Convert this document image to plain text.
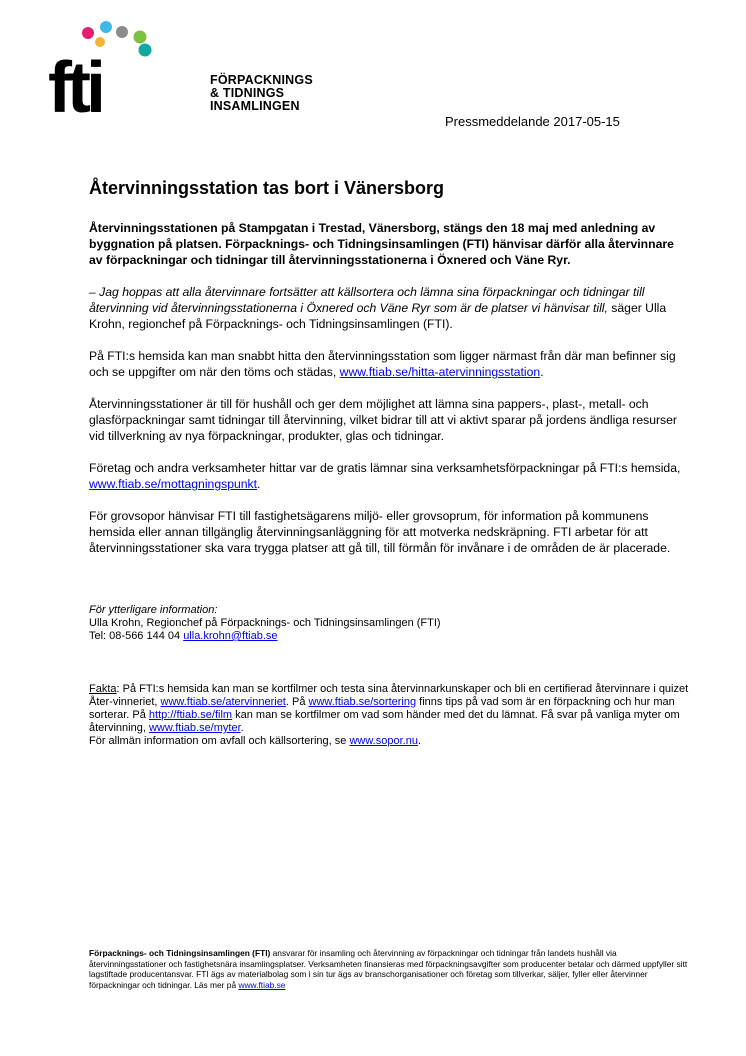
fti	FÖRPACKNINGS
& TIDNINGS
INSAMLINGEN
Pressmeddelande 2017-05-15
Återvinningsstation tas bort i Vänersborg

Återvinningsstationen på Stampgatan i Trestad, Vänersborg, stängs den 18 maj med anledning av byggnation på platsen. Förpacknings- och Tidningsinsamlingen (FTI) hänvisar därför alla återvinnare av förpackningar och tidningar till återvinningsstationerna i Öxnered och Väne Ryr.

– Jag hoppas att alla återvinnare fortsätter att källsortera och lämna sina förpackningar och tidningar till återvinning vid återvinningsstationerna i Öxnered och Väne Ryr som är de platser vi hänvisar till, säger Ulla Krohn, regionchef på Förpacknings- och Tidningsinsamlingen (FTI).

På FTI:s hemsida kan man snabbt hitta den återvinningsstation som ligger närmast från där man befinner sig och se uppgifter om när den töms och städas, www.ftiab.se/hitta-atervinningsstation.

Återvinningsstationer är till för hushåll och ger dem möjlighet att lämna sina pappers-, plast-, metall- och glasförpackningar samt tidningar till återvinning, vilket bidrar till att vi aktivt sparar på jordens ändliga resurser vid tillverkning av nya förpackningar, produkter, glas och tidningar.

Företag och andra verksamheter hittar var de gratis lämnar sina verksamhetsförpackningar på FTI:s hemsida, www.ftiab.se/mottagningspunkt.

För grovsopor hänvisar FTI till fastighetsägarens miljö- eller grovsoprum, för information på kommunens hemsida eller annan tillgänglig återvinningsanläggning för att motverka nedskräpning. FTI arbetar för att återvinningsstationer ska vara trygga platser att gå till, till förmån för invånare i de områden de är placerade.

För ytterligare information:
Ulla Krohn, Regionchef på Förpacknings- och Tidningsinsamlingen (FTI)
Tel: 08-566 144 04 ulla.krohn@ftiab.se
Fakta: På FTI:s hemsida kan man se kortfilmer och testa sina återvinnarkunskaper och bli en certifierad återvinnare i quizet Åter-vinneriet, www.ftiab.se/atervinneriet. På www.ftiab.se/sortering finns tips på vad som är en förpackning och hur man sorterar. På http://ftiab.se/film kan man se kortfilmer om vad som händer med det du lämnat. Få svar på vanliga myter om återvinning, www.ftiab.se/myter.
För allmän information om avfall och källsortering, se www.sopor.nu.
Förpacknings- och Tidningsinsamlingen (FTI) ansvarar för insamling och återvinning av förpackningar och tidningar från landets hushåll via återvinningsstationer och fastighetsnära insamlingsplatser. Verksamheten finansieras med förpackningsavgifter som producenter betalar och därmed uppfyller sitt lagstiftade producentansvar. FTI ägs av materialbolag som i sin tur ägs av branschorganisationer och företag som tillverkar, säljer, fyller eller återvinner förpackningar och tidningar. Läs mer på www.ftiab.se
